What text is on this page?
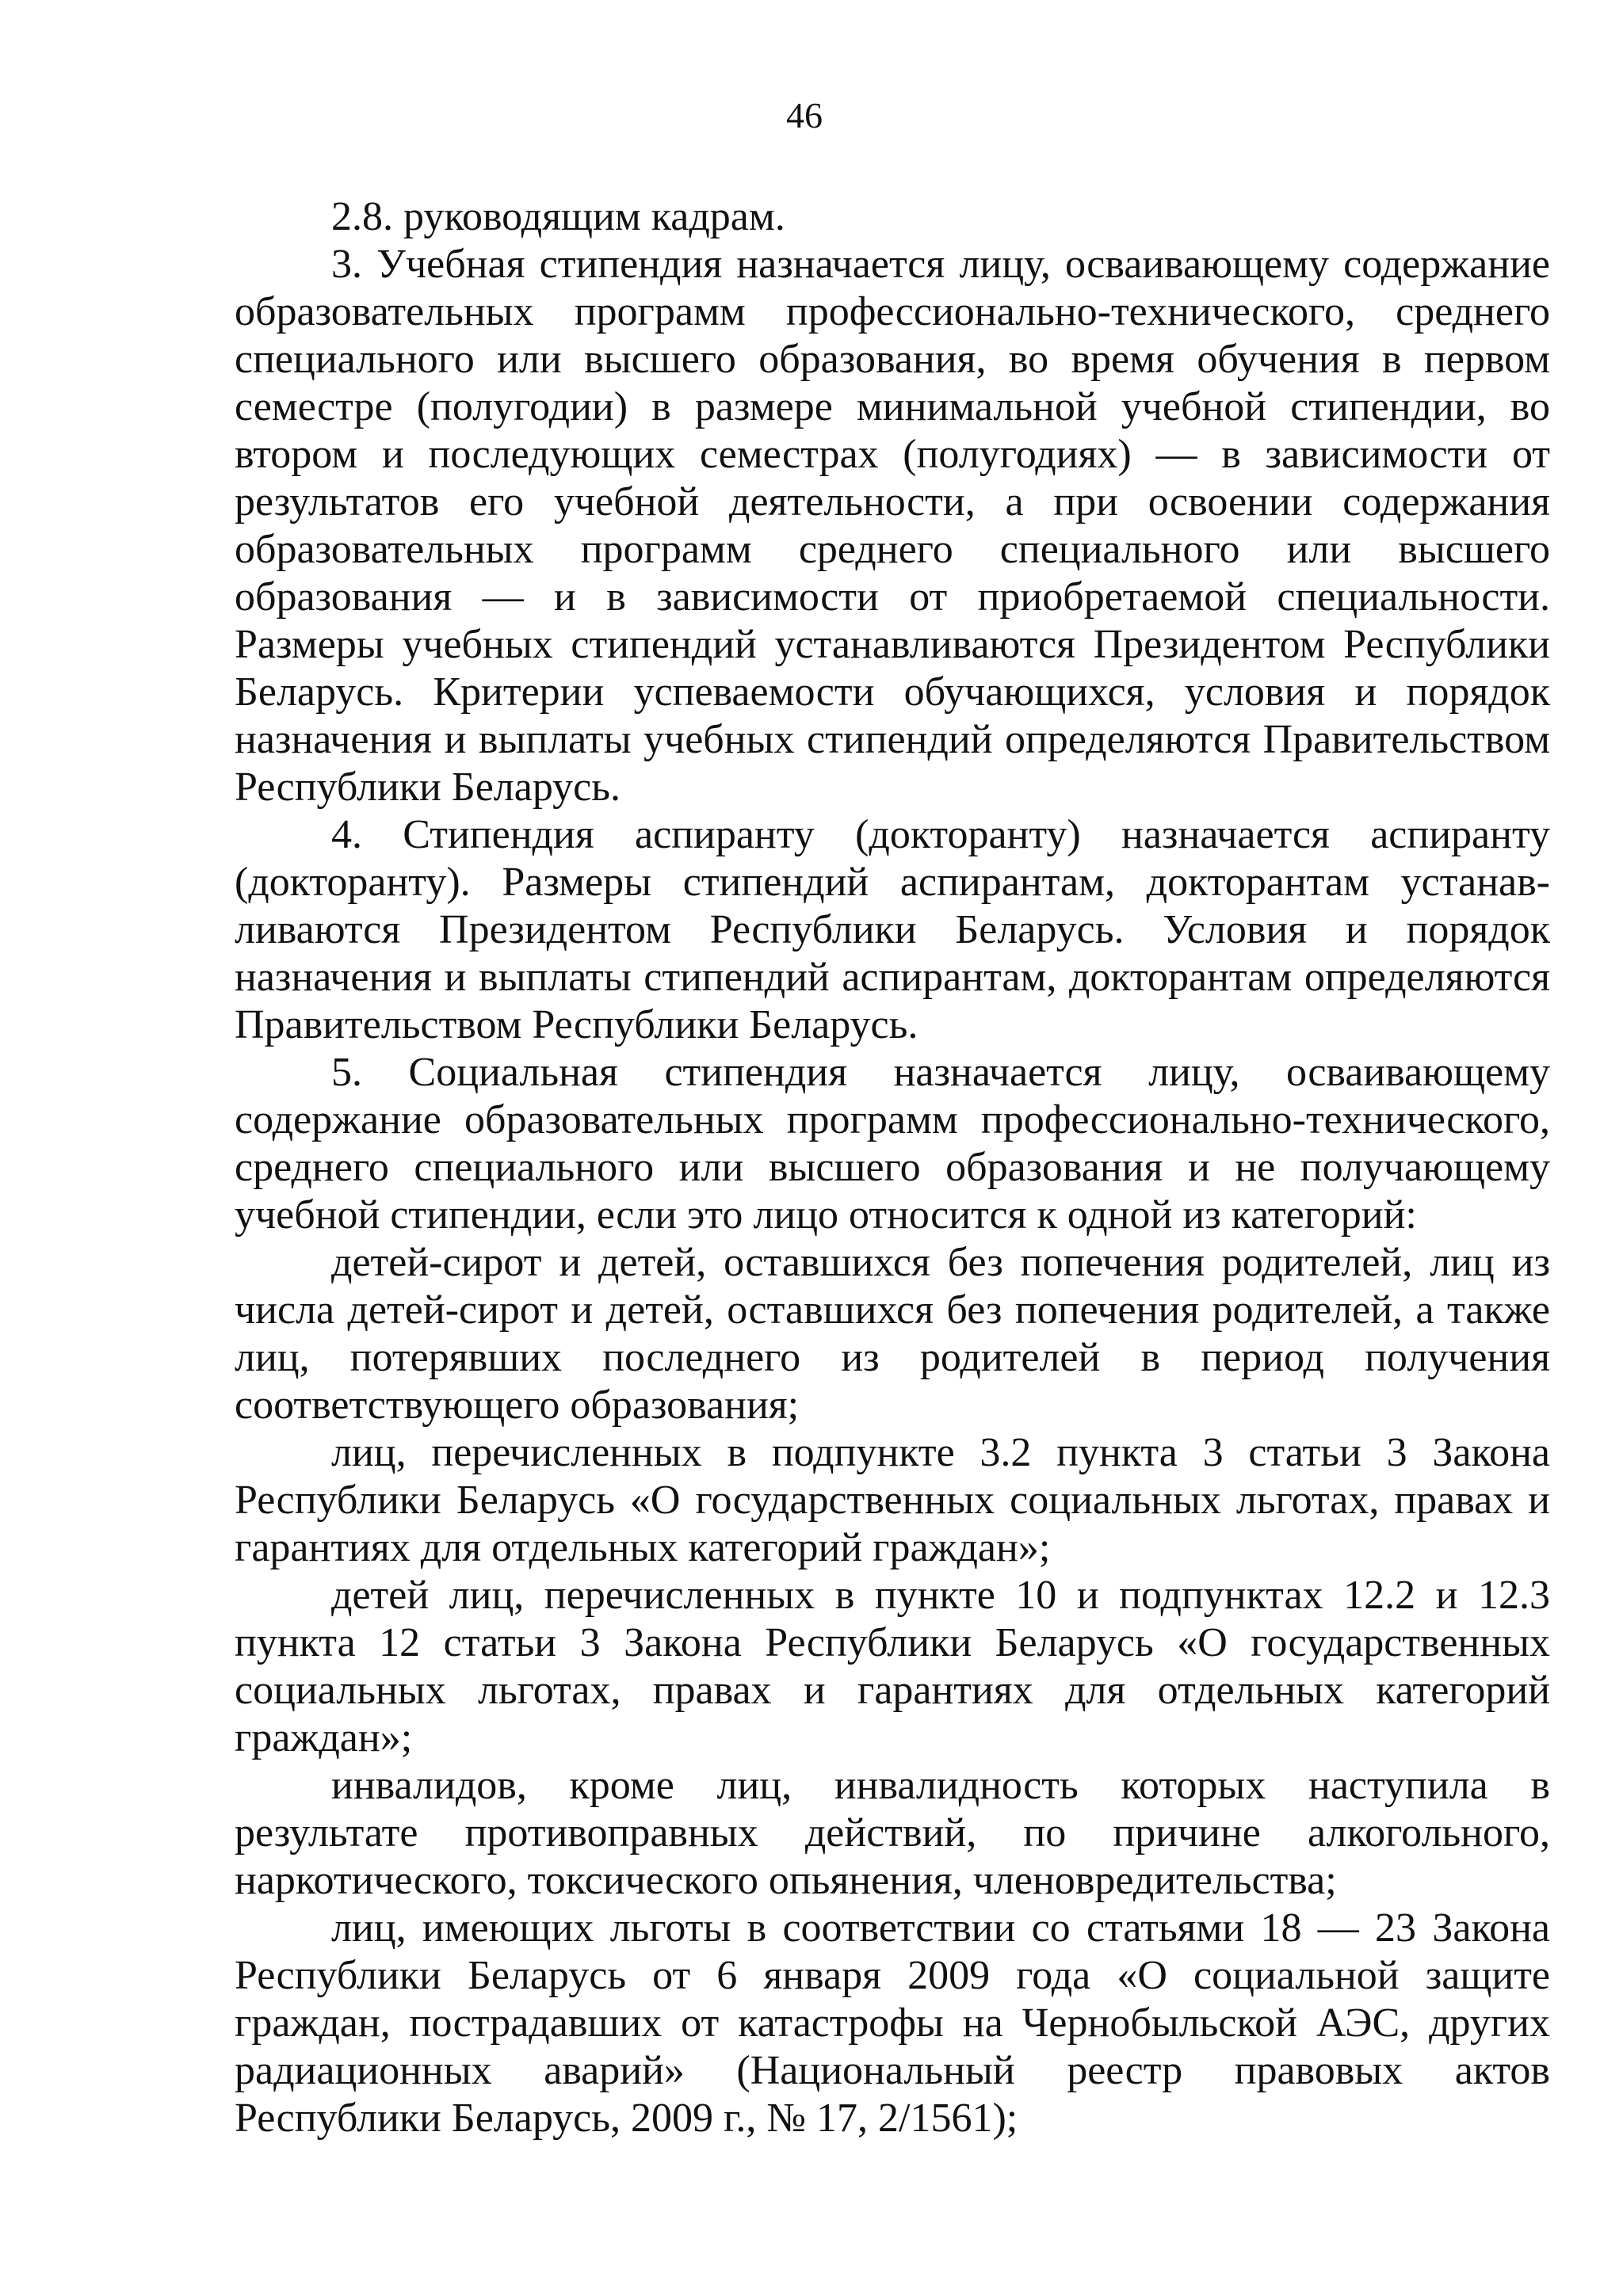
46

2.8. руководящим кадрам.

3. Учебная стипендия назначается лицу, осваивающему содержание образовательных программ профессионально-технического, среднего специального или высшего образования, во время обучения в первом семестре (полугодии) в размере минимальной учебной стипендии, во втором и последующих семестрах (полугодиях) — в зависимости от результатов его учебной деятельности, а при освоении содержания образовательных программ среднего специального или высшего образования — и в зависимости от приобретаемой специальности. Размеры учебных стипендий устанавливаются Президентом Республики Беларусь. Критерии успеваемости обучающихся, условия и порядок назначения и выплаты учебных стипендий определяются Правительством Республики Беларусь.

4. Стипендия аспиранту (докторанту) назначается аспиранту (докторанту). Размеры стипендий аспирантам, докторантам устанавливаются Президентом Республики Беларусь. Условия и порядок назначения и выплаты стипендий аспирантам, докторантам определяются Правительством Республики Беларусь.

5. Социальная стипендия назначается лицу, осваивающему содержание образовательных программ профессионально-технического, среднего специального или высшего образования и не получающему учебной стипендии, если это лицо относится к одной из категорий:

детей-сирот и детей, оставшихся без попечения родителей, лиц из числа детей-сирот и детей, оставшихся без попечения родителей, а также лиц, потерявших последнего из родителей в период получения соответствующего образования;

лиц, перечисленных в подпункте 3.2 пункта 3 статьи 3 Закона Республики Беларусь «О государственных социальных льготах, правах и гарантиях для отдельных категорий граждан»;

детей лиц, перечисленных в пункте 10 и подпунктах 12.2 и 12.3 пункта 12 статьи 3 Закона Республики Беларусь «О государственных социальных льготах, правах и гарантиях для отдельных категорий граждан»;

инвалидов, кроме лиц, инвалидность которых наступила в результате противоправных действий, по причине алкогольного, наркотического, токсического опьянения, членовредительства;

лиц, имеющих льготы в соответствии со статьями 18 — 23 Закона Республики Беларусь от 6 января 2009 года «О социальной защите граждан, пострадавших от катастрофы на Чернобыльской АЭС, других радиационных аварий» (Национальный реестр правовых актов Республики Беларусь, 2009 г., № 17, 2/1561);
